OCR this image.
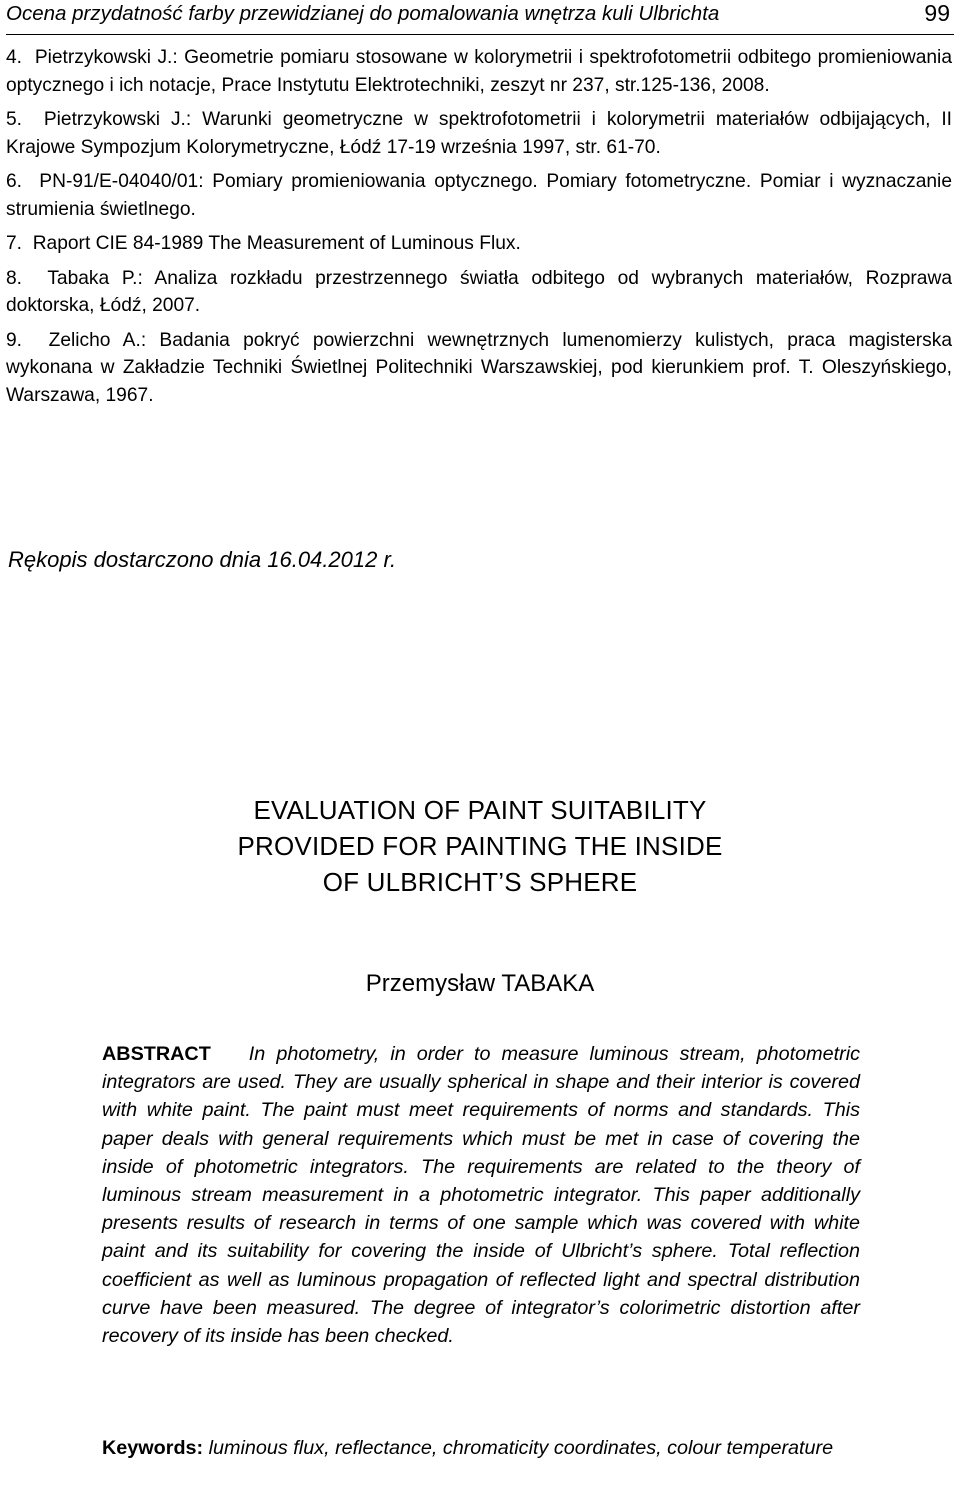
Ocena przydatność farby przewidzianej do pomalowania wnętrza kuli Ulbrichta	99

4. Pietrzykowski J.: Geometrie pomiaru stosowane w kolorymetrii i spektrofotometrii odbitego promieniowania optycznego i ich notacje, Prace Instytutu Elektrotechniki, zeszyt nr 237, str.125-136, 2008.

5. Pietrzykowski J.: Warunki geometryczne w spektrofotometrii i kolorymetrii materiałów odbijających, II Krajowe Sympozjum Kolorymetryczne, Łódź 17-19 września 1997, str. 61-70.

6. PN-91/E-04040/01: Pomiary promieniowania optycznego. Pomiary fotometryczne. Pomiar i wyznaczanie strumienia świetlnego.

7. Raport CIE 84-1989 The Measurement of Luminous Flux.

8. Tabaka P.: Analiza rozkładu przestrzennego światła odbitego od wybranych materiałów, Rozprawa doktorska, Łódź, 2007.

9. Zelicho A.: Badania pokryć powierzchni wewnętrznych lumenomierzy kulistych, praca magisterska wykonana w Zakładzie Techniki Świetlnej Politechniki Warszawskiej, pod kierunkiem prof. T. Oleszyńskiego, Warszawa, 1967.

Rękopis dostarczono dnia 16.04.2012 r.
EVALUATION OF PAINT SUITABILITY
PROVIDED FOR PAINTING THE INSIDE
OF ULBRICHT’S SPHERE
Przemysław TABAKA
ABSTRACT In photometry, in order to measure luminous stream, photometric integrators are used. They are usually spherical in shape and their interior is covered with white paint. The paint must meet requirements of norms and standards. This paper deals with general requirements which must be met in case of covering the inside of photometric integrators. The requirements are related to the theory of luminous stream measurement in a photometric integrator. This paper additionally presents results of research in terms of one sample which was covered with white paint and its suitability for covering the inside of Ulbricht’s sphere. Total reflection coefficient as well as luminous propagation of reflected light and spectral distribution curve have been measured. The degree of integrator’s colorimetric distortion after recovery of its inside has been checked.
Keywords: luminous flux, reflectance, chromaticity coordinates, colour temperature
